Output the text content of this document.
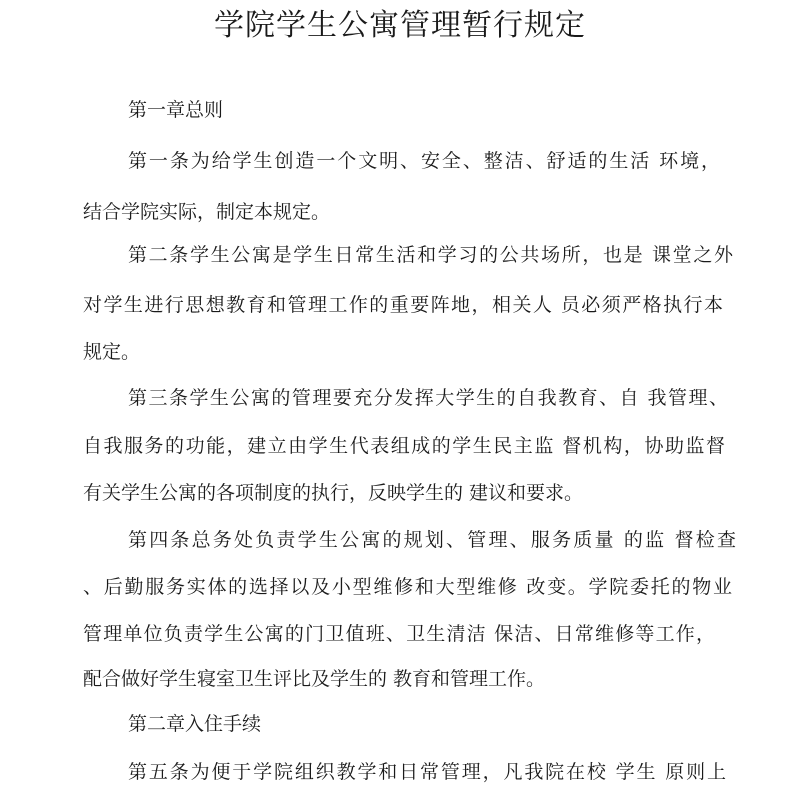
学院学生公寓管理暂行规定
第一章总则
第一条为给学生创造一个文明、安全、整洁、舒适的生活 环境，
结合学院实际，制定本规定。
第二条学生公寓是学生日常生活和学习的公共场所，也是 课堂之外
对学生进行思想教育和管理工作的重要阵地，相关人 员必须严格执行本
规定。
第三条学生公寓的管理要充分发挥大学生的自我教育、自 我管理、
自我服务的功能，建立由学生代表组成的学生民主监 督机构，协助监督
有关学生公寓的各项制度的执行，反映学生的 建议和要求。
第四条总务处负责学生公寓的规划、管理、服务质量 的监 督检查
、后勤服务实体的选择以及小型维修和大型维修 改变。学院委托的物业
管理单位负责学生公寓的门卫值班、卫生清洁 保洁、日常维修等工作，
配合做好学生寝室卫生评比及学生的 教育和管理工作。
第二章入住手续
第五条为便于学院组织教学和日常管理，凡我院在校 学生 原则上
